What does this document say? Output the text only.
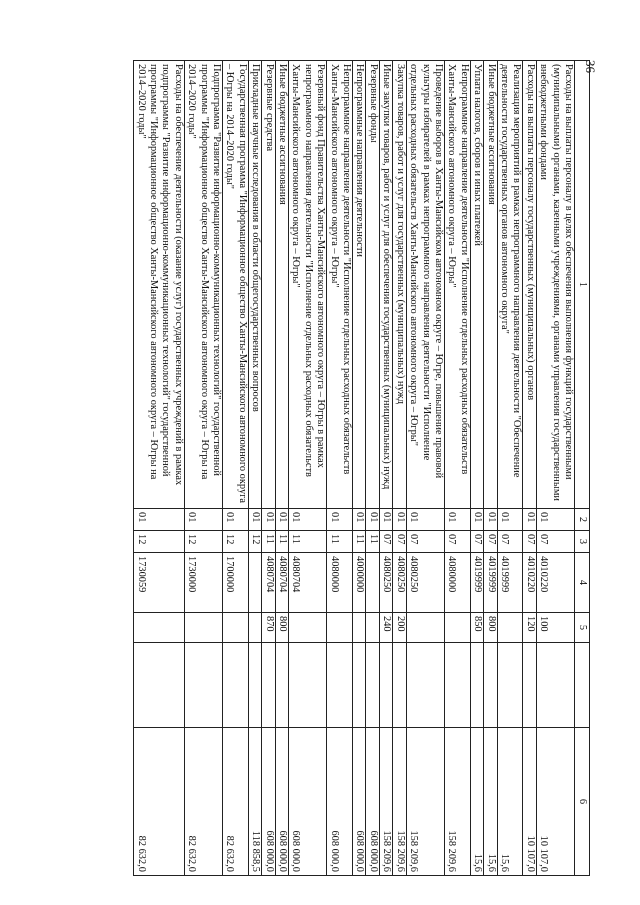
36
1	2	3	4	5		6
Расходы на выплаты персоналу в целях обеспечения выполнения функций государственными (муниципальными) органами, казенными учреждениями, органами управления государственными внебюджетными фондами	01	07	4010220	100		10 107,0
Расходы на выплаты персоналу государственных (муниципальных) органов	01	07	4010220	120		10 107,0
Реализация мероприятий в рамках непрограммного направления деятельности "Обеспечение деятельности государственных органов автономного округа"	01	07	4019999			15,6
Иные бюджетные ассигнования	01	07	4019999	800		15,6
Уплата налогов, сборов и иных платежей	01	07	4019999	850		15,6
Непрограммное направление деятельности "Исполнение отдельных расходных обязательств Ханты-Мансийского автономного округа – Югры"	01	07	4080000			158 209,6
Проведение выборов в Ханты-Мансийском автономном округе – Югре, повышение правовой культуры избирателей в рамках непрограммного направления деятельности "Исполнение отдельных расходных обязательств Ханты-Мансийского автономного округа – Югры"	01	07	4080250			158 209,6
Закупка товаров, работ и услуг для государственных (муниципальных) нужд	01	07	4080250	200		158 209,6
Иные закупки товаров, работ и услуг для обеспечения государственных (муниципальных) нужд	01	07	4080250	240		158 209,6
Резервные фонды	01	11				608 000,0
Непрограммные направления деятельности	01	11	4000000			608 000,0
Непрограммное направление деятельности "Исполнение отдельных расходных обязательств Ханты-Мансийского автономного округа – Югры"	01	11	4080000			608 000,0
Резервный фонд Правительства Ханты-Мансийского автономного округа – Югры в рамках непрограммного направления деятельности "Исполнение отдельных расходных обязательств Ханты-Мансийского автономного округа – Югры"	01	11	4080704			608 000,0
Иные бюджетные ассигнования	01	11	4080704	800		608 000,0
Резервные средства	01	11	4080704	870		608 000,0
Прикладные научные исследования в области общегосударственных вопросов	01	12				118 858,5
Государственная программа "Информационное общество Ханты-Мансийского автономного округа – Югры на 2014–2020 годы"	01	12	1700000			82 632,0
Подпрограмма "Развитие информационно-коммуникационных технологий" государственной программы "Информационное общество Ханты-Мансийского автономного округа – Югры на 2014–2020 годы"	01	12	1730000			82 632,0
Расходы на обеспечение деятельности (оказание услуг) государственных учреждений в рамках подпрограммы "Развитие информационно-коммуникационных технологий" государственной программы "Информационное общество Ханты-Мансийского автономного округа – Югры на 2014–2020 годы"	01	12	1730059			82 632,0
